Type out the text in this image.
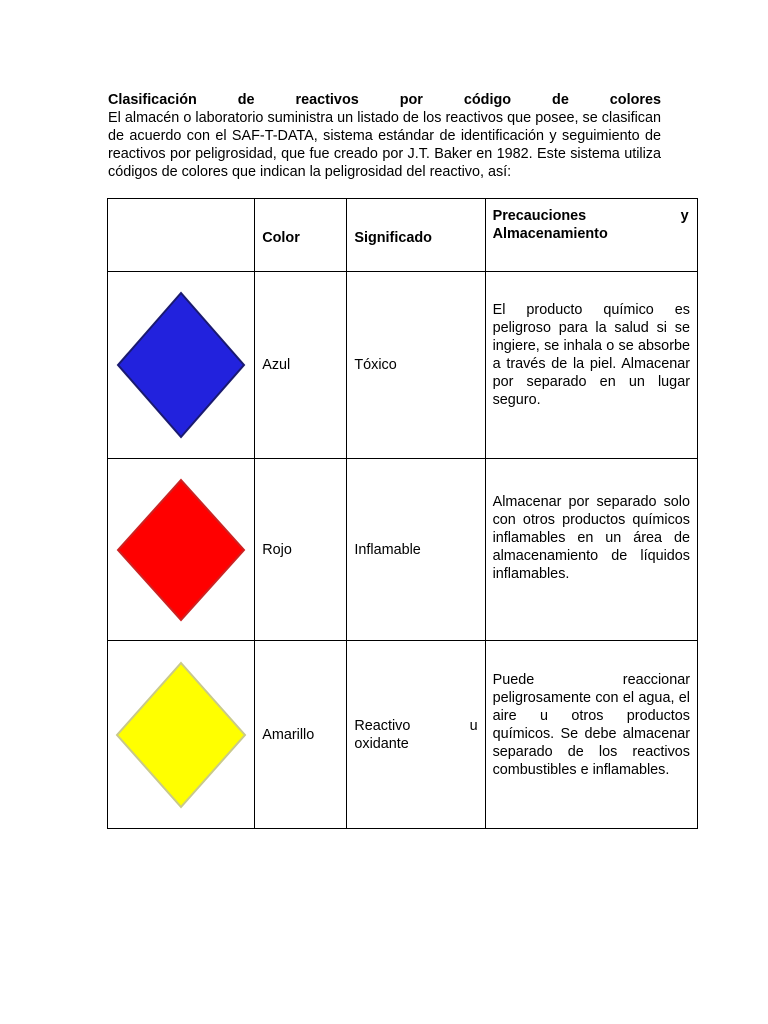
Clasificación de reactivos por código de colores
El almacén o laboratorio suministra un listado de los reactivos que posee, se clasifican de acuerdo con el SAF-T-DATA, sistema estándar de identificación y seguimiento de reactivos por peligrosidad, que fue creado por J.T. Baker en 1982. Este sistema utiliza códigos de colores que indican la peligrosidad del reactivo, así:
	Color	Significado	Precauciones y Almacenamiento

	Azul	Tóxico	El producto químico es peligroso para la salud si se ingiere, se inhala o se absorbe a través de la piel. Almacenar por separado en un lugar seguro.

	Rojo	Inflamable	Almacenar por separado solo con otros productos químicos inflamables en un área de almacenamiento de líquidos inflamables.

	Amarillo	Reactivo u oxidante	Puede reaccionar peligrosamente con el agua, el aire u otros productos químicos. Se debe almacenar separado de los reactivos combustibles e inflamables.
